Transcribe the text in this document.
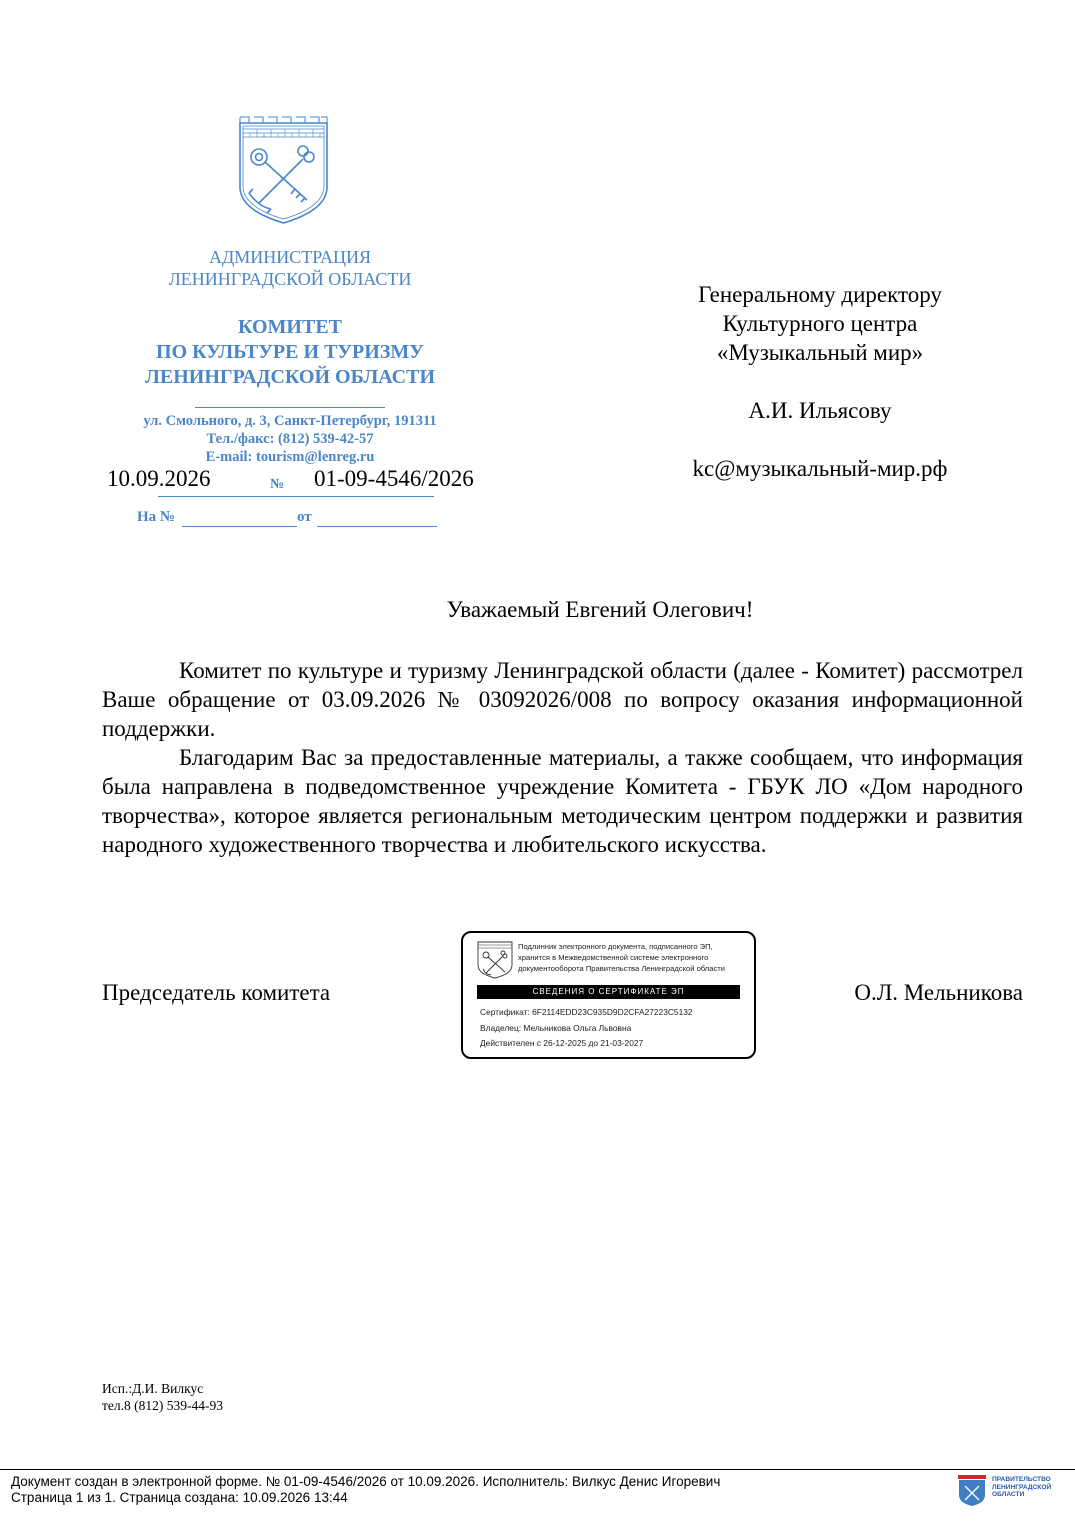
АДМИНИСТРАЦИЯ
ЛЕНИНГРАДСКОЙ ОБЛАСТИ
КОМИТЕТ
ПО КУЛЬТУРЕ И ТУРИЗМУ
ЛЕНИНГРАДСКОЙ ОБЛАСТИ
ул. Смольного, д. 3, Санкт-Петербург, 191311
Тел./факс: (812) 539-42-57
E-mail: tourism@lenreg.ru
10.09.2026	№ 01-09-4546/2026
На №	от
Генеральному директору
Культурного центра
«Музыкальный мир»
А.И. Ильясову
kc@музыкальный-мир.рф
Уважаемый Евгений Олегович!

Комитет по культуре и туризму Ленинградской области (далее - Комитет) рассмотрел Ваше обращение от 03.09.2026 № 03092026/008 по вопросу оказания информационной поддержки.

Благодарим Вас за предоставленные материалы, а также сообщаем, что информация была направлена в подведомственное учреждение Комитета - ГБУК ЛО «Дом народного творчества», которое является региональным методическим центром поддержки и развития народного художественного творчества и любительского искусства.

Председатель комитета	О.Л. Мельникова
Подлинник электронного документа, подписанного ЭП,
хранится в Межведомственной системе электронного
документооборота Правительства Ленинградской области
СВЕДЕНИЯ О СЕРТИФИКАТЕ ЭП
Сертификат: 6F2114EDD23C935D9D2CFA27223C5132
Владелец: Мельникова Ольга Львовна
Действителен с 26-12-2025 до 21-03-2027
Исп.:Д.И. Вилкус
тел.8 (812) 539-44-93
Документ создан в электронной форме. № 01-09-4546/2026 от 10.09.2026. Исполнитель: Вилкус Денис Игоревич
Страница 1 из 1. Страница создана: 10.09.2026 13:44
ПРАВИТЕЛЬСТВО
ЛЕНИНГРАДСКОЙ
ОБЛАСТИ
